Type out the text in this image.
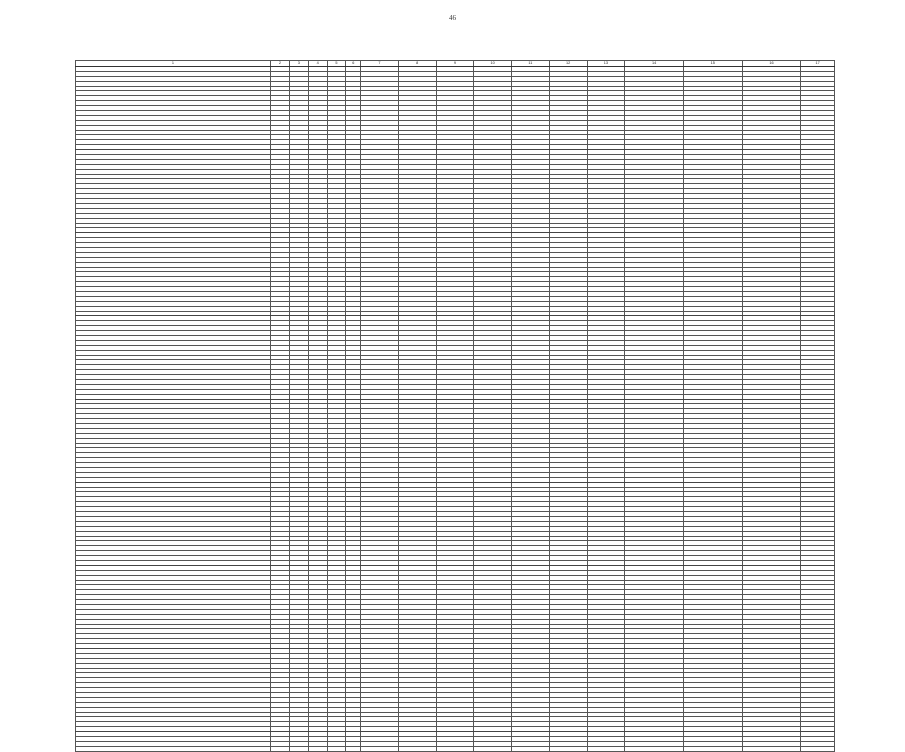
46
1	2	3	4	5	6	7	8	9	10	11	12	13	14	15	16	17
